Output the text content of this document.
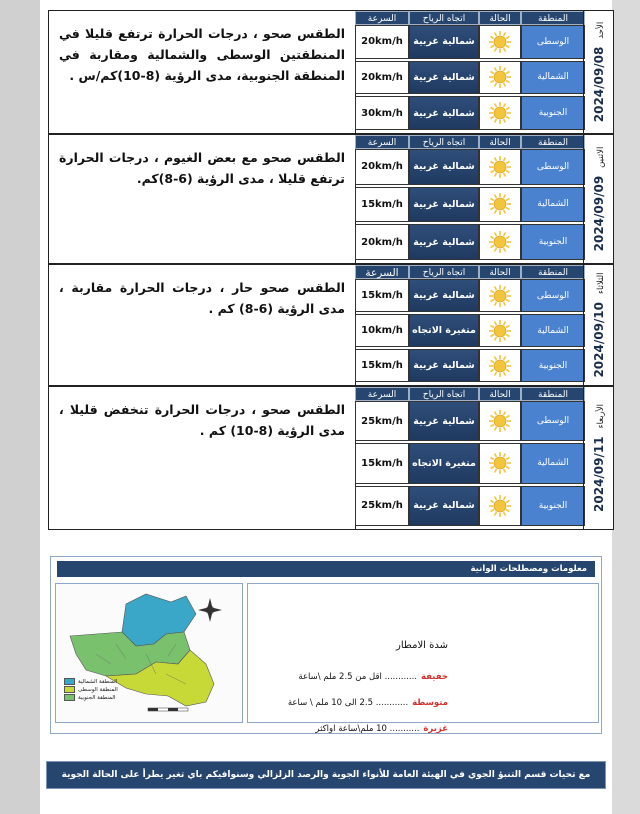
الطقس صحو ، درجات الحرارة ترتفع قليلا في المنطقتين الوسطى والشمالية ومقاربة في المنطقة الجنوبية، مدى الرؤية (8-10)كم/س .
السرعة	اتجاه الرياح	الحالة	المنطقة
20km/h	شمالية غربية	الوسطى
20km/h	شمالية غربية	الشمالية
30km/h	شمالية غربية	الجنوبية
الأحد2024/09/08
الطقس صحو مع بعض الغيوم ، درجات الحرارة ترتفع قليلا ، مدى الرؤية (6-8)كم.
السرعة	اتجاه الرياح	الحالة	المنطقة
20km/h	شمالية غربية	الوسطى
15km/h	شمالية غربية	الشمالية
20km/h	شمالية غربية	الجنوبية
الاثنين2024/09/09
الطقس صحو حار ، درجات الحرارة مقاربة ، مدى الرؤية (6-8) كم .
السرعة	اتجاه الرياح	الحالة	المنطقة
15km/h	شمالية غربية	الوسطى
10km/h متغيرة الاتجاه	الشمالية
15km/h	شمالية غربية	الجنوبية
الثلاثاء2024/09/10
الطقس صحو ، درجات الحرارة تنخفض قليلا ، مدى الرؤية (8-10) كم .
السرعة	اتجاه الرياح	الحالة	المنطقة
25km/h	شمالية غربية	الوسطى
15km/h متغيرة الاتجاه	الشمالية
25km/h	شمالية غربية	الجنوبية
الأربعاء2024/09/11
معلومات ومصطلحات الوانية
المنطقة الشمالية
المنطقة الوسطى
المنطقة الجنوبية
شدة الامطار
خفيفة............ اقل من 2.5 ملم \ساعة
متوسطة............ 2.5 الى 10 ملم \ ساعة
غزيرة........... 10 ملم\ساعة اواكثر
مع تحيات قسم التنبؤ الجوي في الهيئة العامة للأنواء الجوية والرصد الزلزالي وسنوافيكم باي تغير يطرأ على الحالة الجوية
